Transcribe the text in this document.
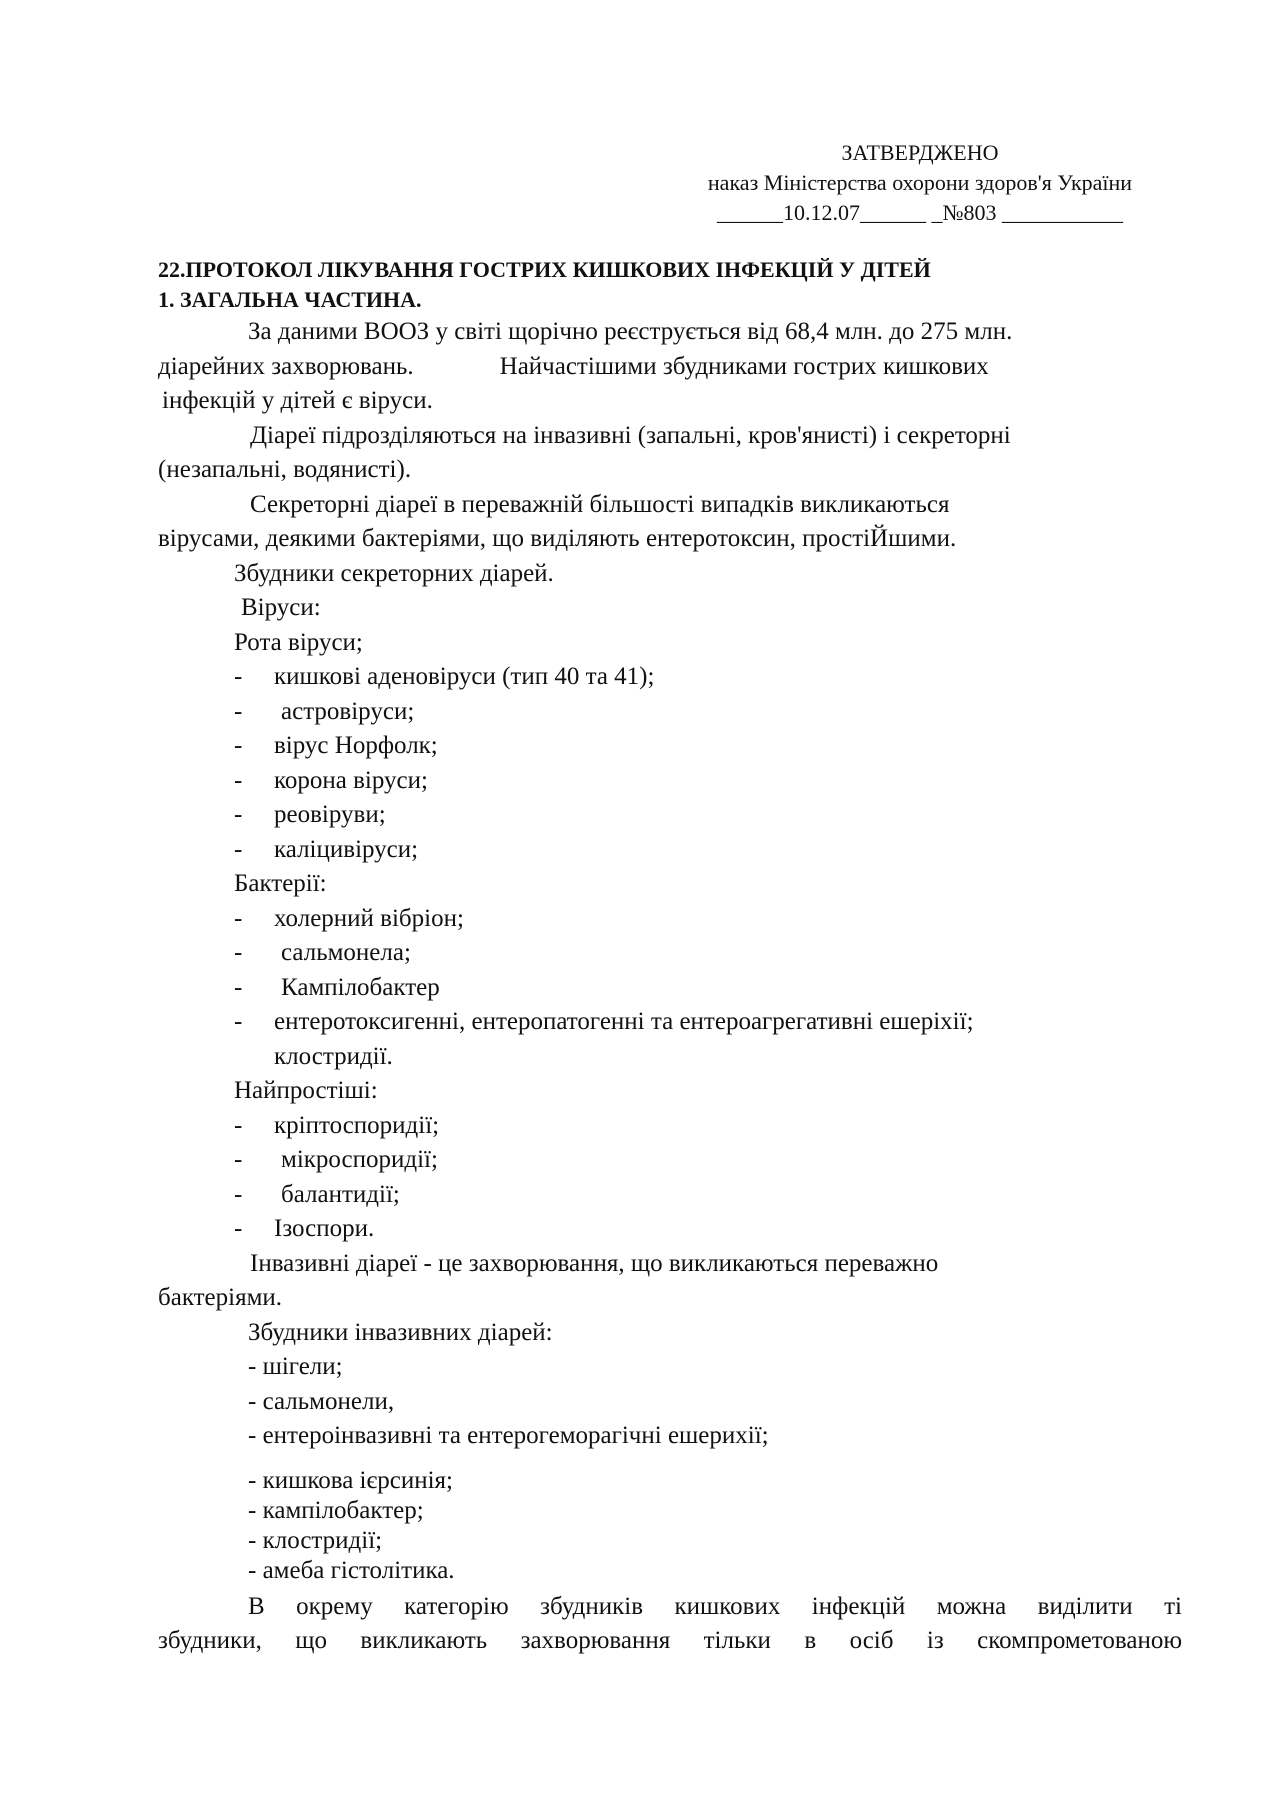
ЗАТВЕРДЖЕНО
наказ Міністерства охорони здоров'я України
______10.12.07______ _№803 ___________
22.ПРОТОКОЛ ЛІКУВАННЯ ГОСТРИХ КИШКОВИХ ІНФЕКЦІЙ У ДІТЕЙ
1. ЗАГАЛЬНА ЧАСТИНА.
За даними ВООЗ у світі щорічно реєструється від 68,4 млн. до 275 млн.
діарейних захворювань.	Найчастішими збудниками гострих кишкових
інфекцій у дітей є віруси.
Діареї підрозділяються на інвазивні (запальні, кров'янисті) і секреторні
(незапальні, водянисті).
Секреторні діареї в переважній більшості випадків викликаються
вірусами, деякими бактеріями, що виділяють ентеротоксин, простіЙшими.
Збудники секреторних діарей.
Віруси:
Рота віруси;
- кишкові аденовіруси (тип 40 та 41);
- астровіруси;
- вірус Норфолк;
- корона віруси;
- реовіруви;
- каліцивіруси;
Бактерії:
- холерний вібріон;
- сальмонела;
- Кампілобактер
- ентеротоксигенні, ентеропатогенні та ентероагрегативні ешеріхії;
клостридії.
Найпростіші:
- кріптоспоридії;
- мікроспоридії;
- балантидії;
- Ізоспори.
Інвазивні діареї - це захворювання, що викликаються переважно
бактеріями.
Збудники інвазивних діарей:
- шігели;
- сальмонели,
- ентероінвазивні та ентерогеморагічні ешерихії;
- кишкова ієрсинія;
- кампілобактер;
- клостридії;
- амеба гістолітика.
В окрему категорію збудників кишкових інфекцій можна виділити ті
збудники, що викликають захворювання тільки в осіб із скомпрометованою
